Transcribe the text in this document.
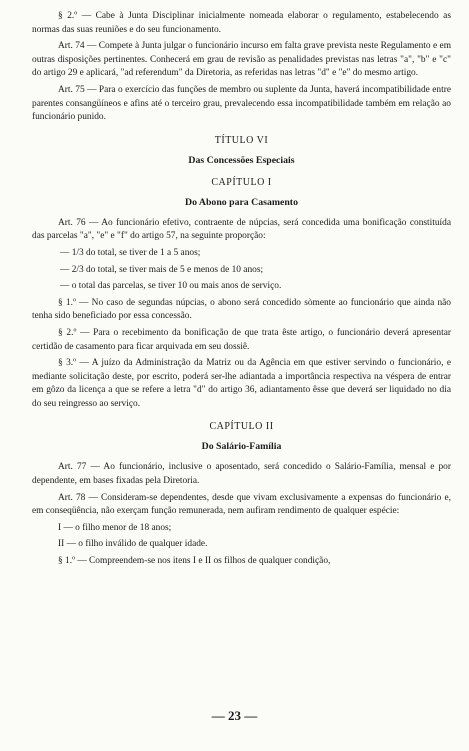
§ 2.º — Cabe à Junta Disciplinar inicialmente nomeada elaborar o regulamento, estabelecendo as normas das suas reuniões e do seu funcionamento.

Art. 74 — Compete à Junta julgar o funcionário incurso em falta grave prevista neste Regulamento e em outras disposições pertinentes. Conhecerá em grau de revisão as penalidades previstas nas letras "a", "b" e "c" do artigo 29 e aplicará, "ad referendum" da Diretoria, as referidas nas letras "d" e "e" do mesmo artigo.

Art. 75 — Para o exercício das funções de membro ou suplente da Junta, haverá incompatibilidade entre parentes consangüíneos e afins até o terceiro grau, prevalecendo essa incompatibilidade também em relação ao funcionário punido.

TÍTULO VI
Das Concessões Especiais
CAPÍTULO I
Do Abono para Casamento

Art. 76 — Ao funcionário efetivo, contraente de núpcias, será concedida uma bonificação constituída das parcelas "a", "e" e "f" do artigo 57, na seguinte proporção:

— 1/3 do total, se tiver de 1 a 5 anos;

— 2/3 do total, se tiver mais de 5 e menos de 10 anos;

— o total das parcelas, se tiver 10 ou mais anos de serviço.

§ 1.º — No caso de segundas núpcias, o abono será concedido sòmente ao funcionário que ainda não tenha sido beneficiado por essa concessão.

§ 2.º — Para o recebimento da bonificação de que trata êste artigo, o funcionário deverá apresentar certidão de casamento para ficar arquivada em seu dossiê.

§ 3.º — A juízo da Administração da Matriz ou da Agência em que estiver servindo o funcionário, e mediante solicitação deste, por escrito, poderá ser-lhe adiantada a importância respectiva na véspera de entrar em gôzo da licença a que se refere a letra "d" do artigo 36, adiantamento êsse que deverá ser liquidado no dia do seu reingresso ao serviço.

CAPÍTULO II
Do Salário-Família

Art. 77 — Ao funcionário, inclusive o aposentado, será concedido o Salário-Família, mensal e por dependente, em bases fixadas pela Diretoria.

Art. 78 — Consideram-se dependentes, desde que vivam exclusivamente a expensas do funcionário e, em conseqüência, não exerçam função remunerada, nem aufiram rendimento de qualquer espécie:

I — o filho menor de 18 anos;

II — o filho inválido de qualquer idade.

§ 1.º — Compreendem-se nos itens I e II os filhos de qualquer condição,

— 23 —
